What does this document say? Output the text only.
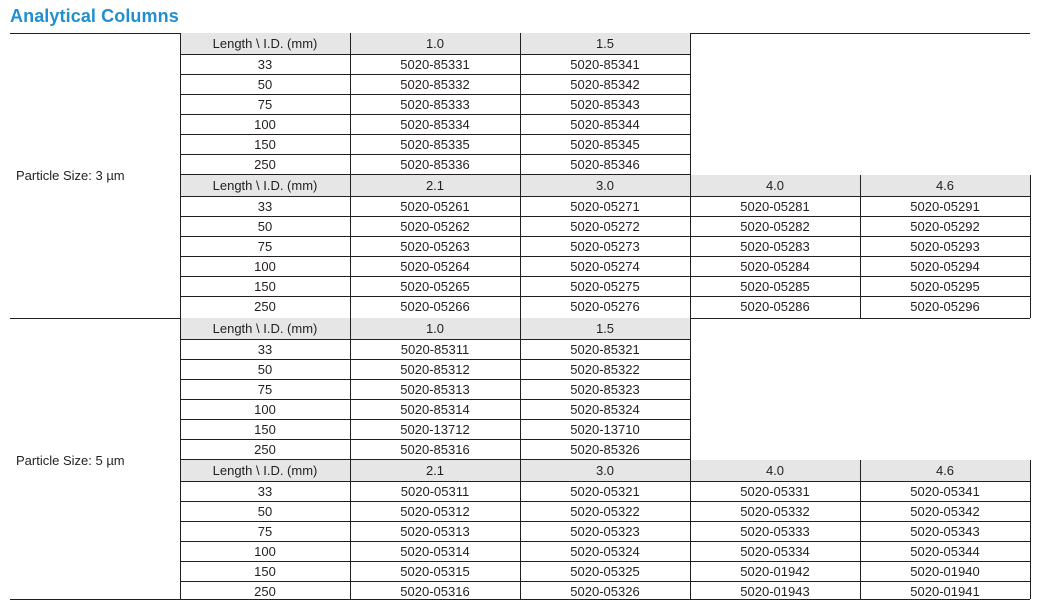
Analytical Columns
Particle Size: 3 µm
Length \ I.D. (mm)	1.0	1.5
33	5020-85331	5020-85341
50	5020-85332	5020-85342
75	5020-85333	5020-85343
100	5020-85334	5020-85344
150	5020-85335	5020-85345
250	5020-85336	5020-85346
Length \ I.D. (mm)	2.1	3.0	4.0	4.6
33	5020-05261	5020-05271	5020-05281	5020-05291
50	5020-05262	5020-05272	5020-05282	5020-05292
75	5020-05263	5020-05273	5020-05283	5020-05293
100	5020-05264	5020-05274	5020-05284	5020-05294
150	5020-05265	5020-05275	5020-05285	5020-05295
250	5020-05266	5020-05276	5020-05286	5020-05296
Particle Size: 5 µm
Length \ I.D. (mm)	1.0	1.5
33	5020-85311	5020-85321
50	5020-85312	5020-85322
75	5020-85313	5020-85323
100	5020-85314	5020-85324
150	5020-13712	5020-13710
250	5020-85316	5020-85326
Length \ I.D. (mm)	2.1	3.0	4.0	4.6
33	5020-05311	5020-05321	5020-05331	5020-05341
50	5020-05312	5020-05322	5020-05332	5020-05342
75	5020-05313	5020-05323	5020-05333	5020-05343
100	5020-05314	5020-05324	5020-05334	5020-05344
150	5020-05315	5020-05325	5020-01942	5020-01940
250	5020-05316	5020-05326	5020-01943	5020-01941
